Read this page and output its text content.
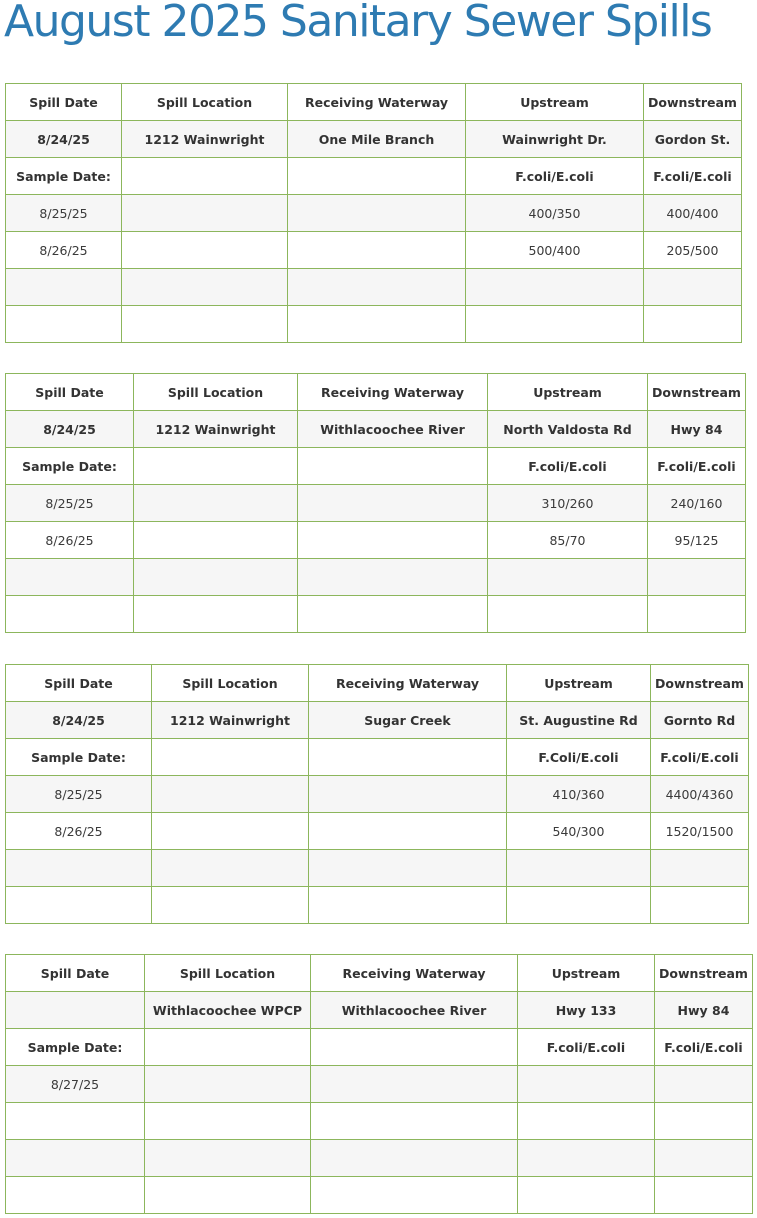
August 2025 Sanitary Sewer Spills
Spill Date	Spill Location	Receiving Waterway	Upstream	Downstream
8/24/25	1212 Wainwright	One Mile Branch	Wainwright Dr.	Gordon St.
Sample Date:			F.coli/E.coli	F.coli/E.coli
8/25/25			400/350	400/400
8/26/25			500/400	205/500

Spill Date	Spill Location	Receiving Waterway	Upstream	Downstream
8/24/25	1212 Wainwright	Withlacoochee River	North Valdosta Rd	Hwy 84
Sample Date:			F.coli/E.coli	F.coli/E.coli
8/25/25			310/260	240/160
8/26/25			85/70	95/125

Spill Date	Spill Location	Receiving Waterway	Upstream	Downstream
8/24/25	1212 Wainwright	Sugar Creek	St. Augustine Rd	Gornto Rd
Sample Date:			F.Coli/E.coli	F.coli/E.coli
8/25/25			410/360	4400/4360
8/26/25			540/300	1520/1500

Spill Date	Spill Location	Receiving Waterway	Upstream	Downstream
	Withlacoochee WPCP	Withlacoochee River	Hwy 133	Hwy 84
Sample Date:			F.coli/E.coli	F.coli/E.coli
8/27/25				
